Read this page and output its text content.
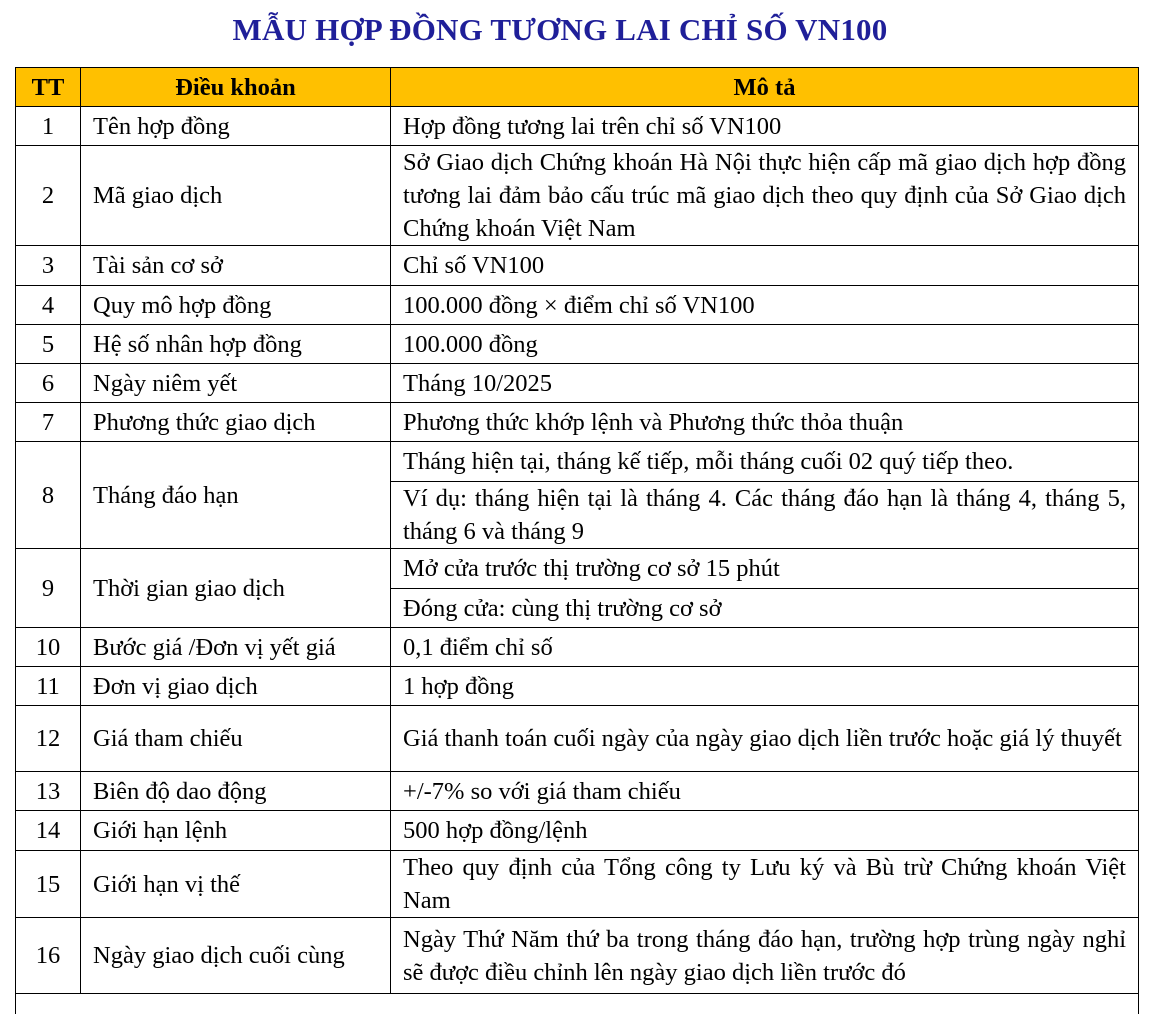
MẪU HỢP ĐỒNG TƯƠNG LAI CHỈ SỐ VN100
TT	Điều khoản	Mô tả
1	Tên hợp đồng	Hợp đồng tương lai trên chỉ số VN100
2	Mã giao dịch	Sở Giao dịch Chứng khoán Hà Nội thực hiện cấp mã giao dịch hợp đồng tương lai đảm bảo cấu trúc mã giao dịch theo quy định của Sở Giao dịch Chứng khoán Việt Nam
3	Tài sản cơ sở	Chỉ số VN100
4	Quy mô hợp đồng	100.000 đồng × điểm chỉ số VN100
5	Hệ số nhân hợp đồng	100.000 đồng
6	Ngày niêm yết	Tháng 10/2025
7	Phương thức giao dịch	Phương thức khớp lệnh và Phương thức thỏa thuận
8	Tháng đáo hạn	Tháng hiện tại, tháng kế tiếp, mỗi tháng cuối 02 quý tiếp theo.
		Ví dụ: tháng hiện tại là tháng 4. Các tháng đáo hạn là tháng 4, tháng 5, tháng 6 và tháng 9
9	Thời gian giao dịch	Mở cửa trước thị trường cơ sở 15 phút
		Đóng cửa: cùng thị trường cơ sở
10	Bước giá /Đơn vị yết giá	0,1 điểm chỉ số
11	Đơn vị giao dịch	1 hợp đồng
12	Giá tham chiếu	Giá thanh toán cuối ngày của ngày giao dịch liền trước hoặc giá lý thuyết
13	Biên độ dao động	+/-7% so với giá tham chiếu
14	Giới hạn lệnh	500 hợp đồng/lệnh
15	Giới hạn vị thế	Theo quy định của Tổng công ty Lưu ký và Bù trừ Chứng khoán Việt Nam
16	Ngày giao dịch cuối cùng	Ngày Thứ Năm thứ ba trong tháng đáo hạn, trường hợp trùng ngày nghỉ sẽ được điều chỉnh lên ngày giao dịch liền trước đó
